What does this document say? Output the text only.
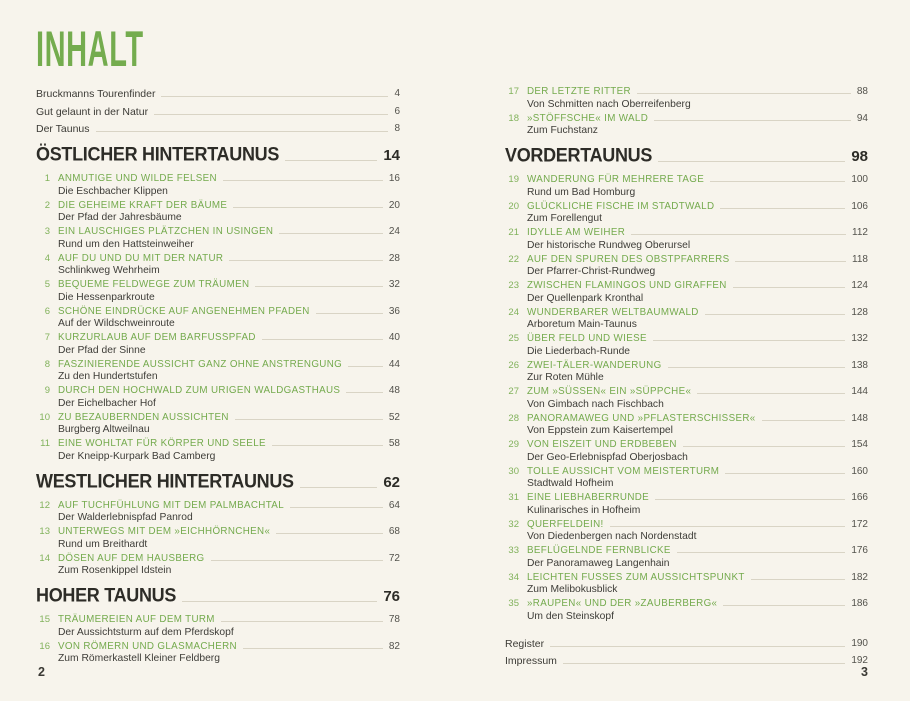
INHALT
Bruckmanns Tourenfinder	4
Gut gelaunt in der Natur	6
Der Taunus	8
ÖSTLICHER HINTERTAUNUS	14
1 ANMUTIGE UND WILDE FELSEN	16
Die Eschbacher Klippen
2 DIE GEHEIME KRAFT DER BÄUME	20
Der Pfad der Jahresbäume
3 EIN LAUSCHIGES PLÄTZCHEN IN USINGEN	24
Rund um den Hattsteinweiher
4 AUF DU UND DU MIT DER NATUR	28
Schlinkweg Wehrheim
5 BEQUEME FELDWEGE ZUM TRÄUMEN	32
Die Hessenparkroute
6 SCHÖNE EINDRÜCKE AUF ANGENEHMEN PFADEN	36
Auf der Wildschweinroute
7 KURZURLAUB AUF DEM BARFUSSPFAD	40
Der Pfad der Sinne
8 FASZINIERENDE AUSSICHT GANZ OHNE ANSTRENGUNG	44
Zu den Hundertstufen
9 DURCH DEN HOCHWALD ZUM URIGEN WALDGASTHAUS	48
Der Eichelbacher Hof
10 ZU BEZAUBERNDEN AUSSICHTEN	52
Burgberg Altweilnau
11 EINE WOHLTAT FÜR KÖRPER UND SEELE	58
Der Kneipp-Kurpark Bad Camberg
WESTLICHER HINTERTAUNUS	62
12 AUF TUCHFÜHLUNG MIT DEM PALMBACHTAL	64
Der Walderlebnispfad Panrod
13 UNTERWEGS MIT DEM »EICHHÖRNCHEN«	68
Rund um Breithardt
14 DÖSEN AUF DEM HAUSBERG	72
Zum Rosenkippel Idstein
HOHER TAUNUS	76
15 TRÄUMEREIEN AUF DEM TURM	78
Der Aussichtsturm auf dem Pferdskopf
16 VON RÖMERN UND GLASMACHERN	82
Zum Römerkastell Kleiner Feldberg
2
17 DER LETZTE RITTER	88
Von Schmitten nach Oberreifenberg
18 »STÖFFSCHE« IM WALD	94
Zum Fuchstanz
VORDERTAUNUS	98
19 WANDERUNG FÜR MEHRERE TAGE	100
Rund um Bad Homburg
20 GLÜCKLICHE FISCHE IM STADTWALD	106
Zum Forellengut
21 IDYLLE AM WEIHER	112
Der historische Rundweg Oberursel
22 AUF DEN SPUREN DES OBSTPFARRERS	118
Der Pfarrer-Christ-Rundweg
23 ZWISCHEN FLAMINGOS UND GIRAFFEN	124
Der Quellenpark Kronthal
24 WUNDERBARER WELTBAUMWALD	128
Arboretum Main-Taunus
25 ÜBER FELD UND WIESE	132
Die Liederbach-Runde
26 ZWEI-TÄLER-WANDERUNG	138
Zur Roten Mühle
27 ZUM »SÜSSEN« EIN »SÜPPCHE«	144
Von Gimbach nach Fischbach
28 PANORAMAWEG UND »PFLASTERSCHISSER«	148
Von Eppstein zum Kaisertempel
29 VON EISZEIT UND ERDBEBEN	154
Der Geo-Erlebnispfad Oberjosbach
30 TOLLE AUSSICHT VOM MEISTERTURM	160
Stadtwald Hofheim
31 EINE LIEBHABERRUNDE	166
Kulinarisches in Hofheim
32 QUERFELDEIN!	172
Von Diedenbergen nach Nordenstadt
33 BEFLÜGELNDE FERNBLICKE	176
Der Panoramaweg Langenhain
34 LEICHTEN FUSSES ZUM AUSSICHTSPUNKT	182
Zum Melibokusblick
35 »RAUPEN« UND DER »ZAUBERBERG«	186
Um den Steinskopf
Register	190
Impressum	192
3
